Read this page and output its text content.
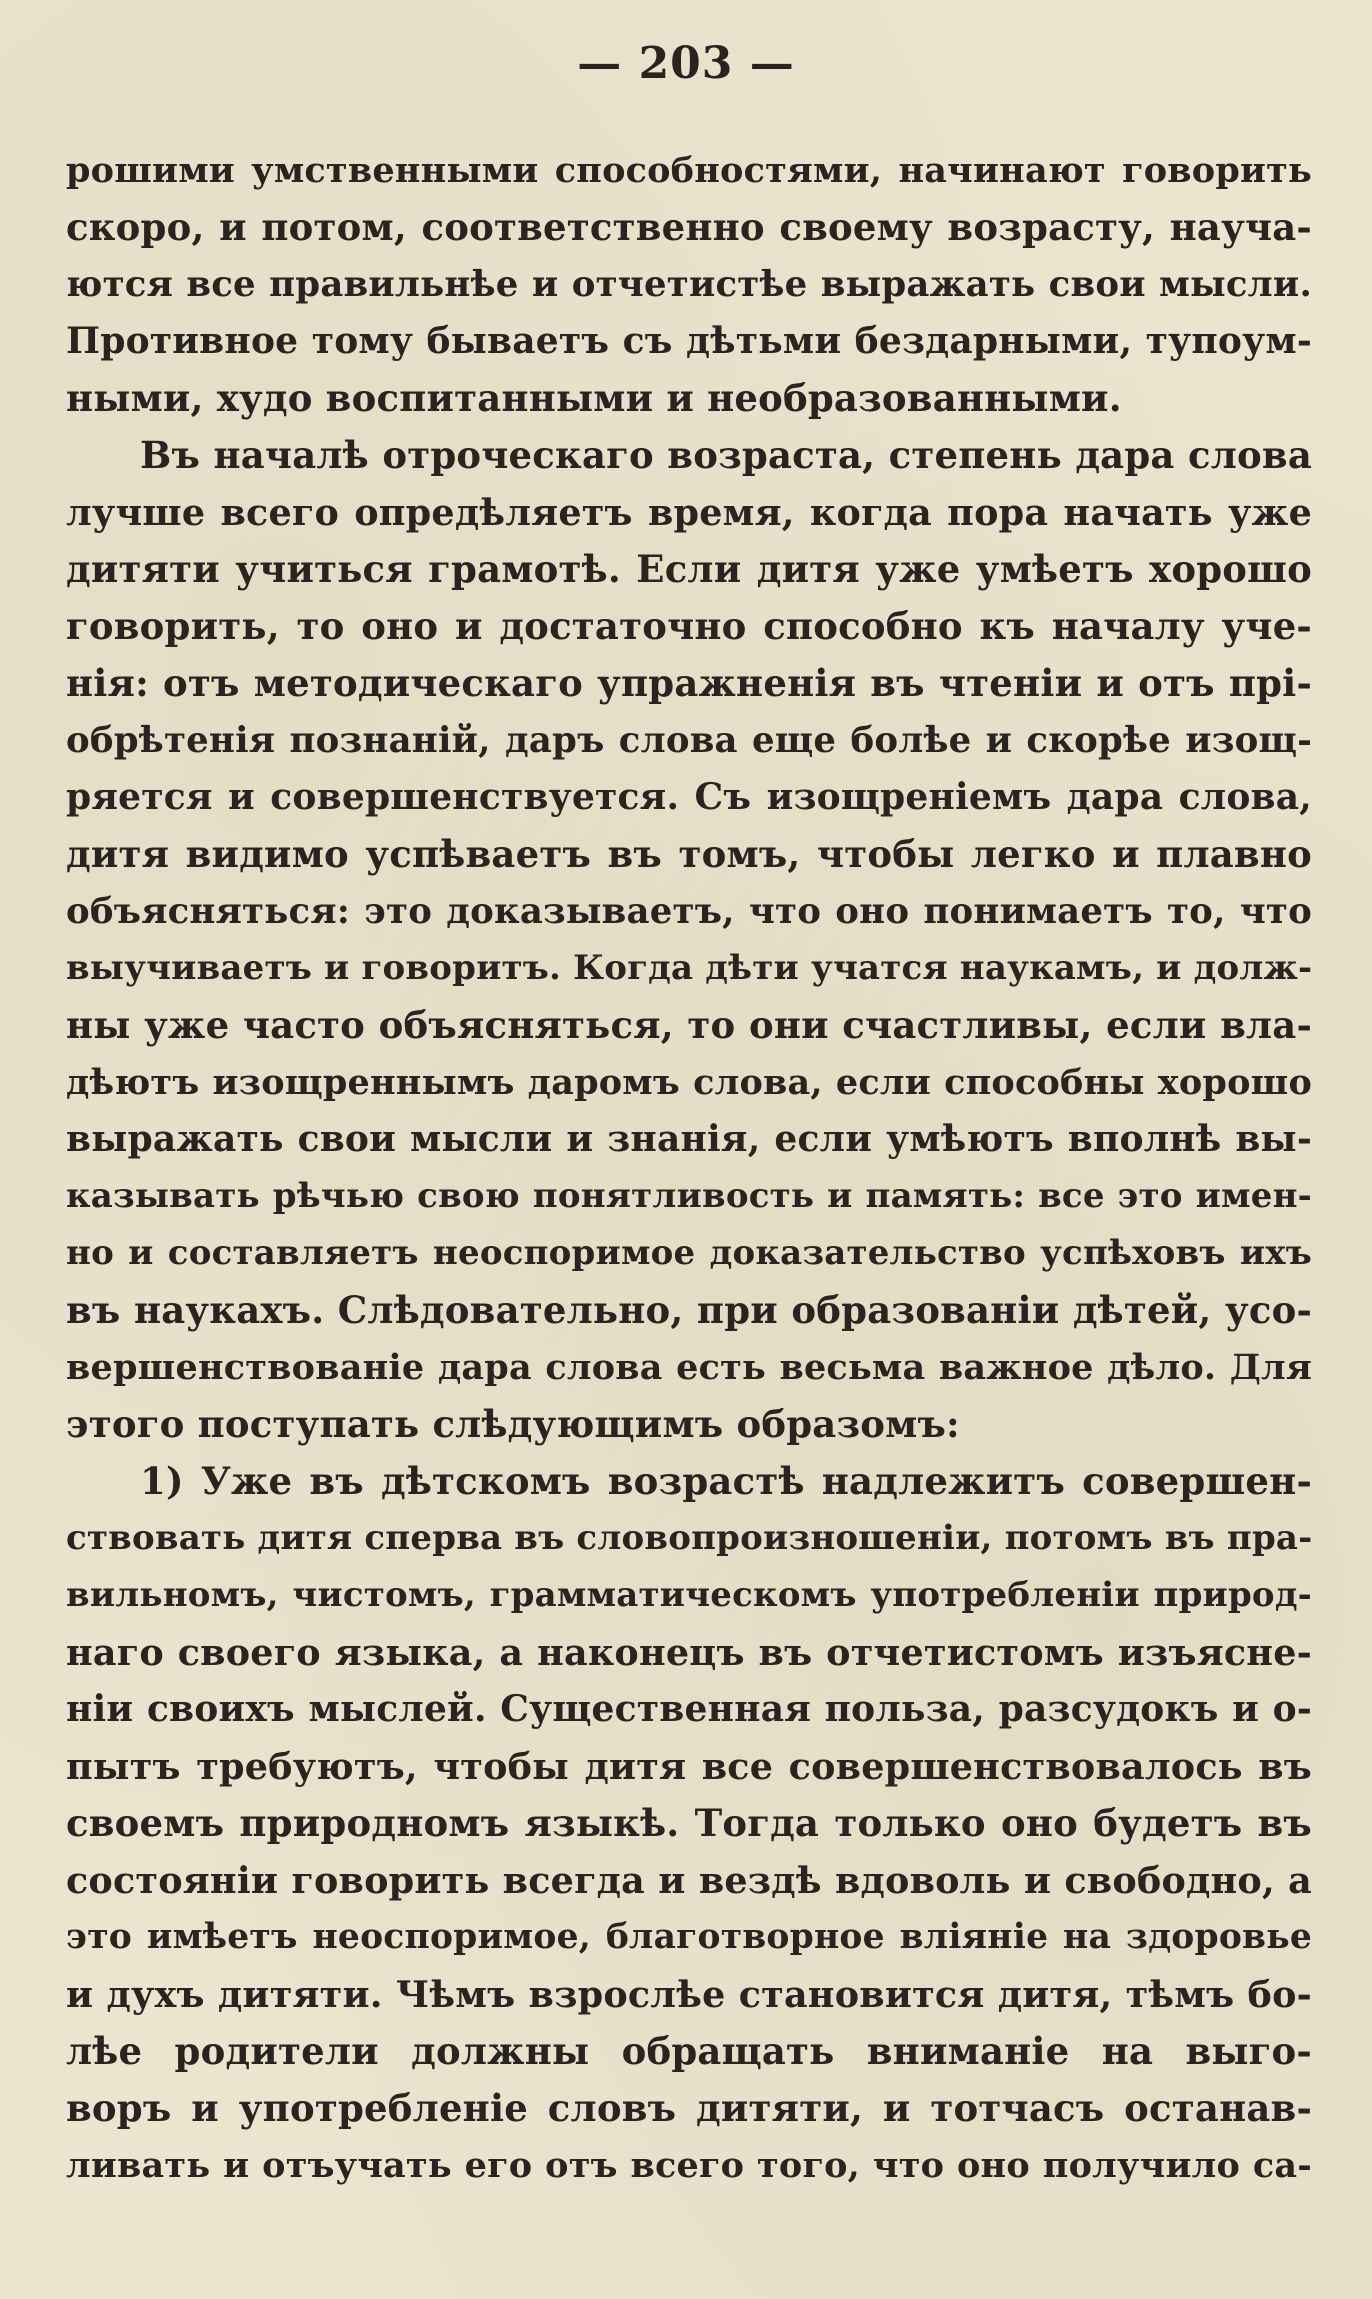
— 203 —
рошими умственными способностями, начинают говорить
скоро, и потом, соответственно своему возрасту, науча-
ются все правильнѣе и отчетистѣе выражать свои мысли.
Противное тому бываетъ съ дѣтьми бездарными, тупоум-
ными, худо воспитанными и необразованными.
Въ началѣ отроческаго возраста, степень дара слова
лучше всего опредѣляетъ время, когда пора начать уже
дитяти учиться грамотѣ. Если дитя уже умѣетъ хорошо
говорить, то оно и достаточно способно къ началу уче-
нія: отъ методическаго упражненія въ чтеніи и отъ прі-
обрѣтенія познаній, даръ слова еще болѣе и скорѣе изощ-
ряется и совершенствуется. Съ изощреніемъ дара слова,
дитя видимо успѣваетъ въ томъ, чтобы легко и плавно
объясняться: это доказываетъ, что оно понимаетъ то, что
выучиваетъ и говоритъ. Когда дѣти учатся наукамъ, и долж-
ны уже часто объясняться, то они счастливы, если вла-
дѣютъ изощреннымъ даромъ слова, если способны хорошо
выражать свои мысли и знанія, если умѣютъ вполнѣ вы-
казывать рѣчью свою понятливость и память: все это имен-
но и составляетъ неоспоримое доказательство успѣховъ ихъ
въ наукахъ. Слѣдовательно, при образованіи дѣтей, усо-
вершенствованіе дара слова есть весьма важное дѣло. Для
этого поступать слѣдующимъ образомъ:
1) Уже въ дѣтскомъ возрастѣ надлежитъ совершен-
ствовать дитя сперва въ словопроизношеніи, потомъ въ пра-
вильномъ, чистомъ, грамматическомъ употребленіи природ-
наго своего языка, а наконецъ въ отчетистомъ изъясне-
ніи своихъ мыслей. Существенная польза, разсудокъ и о-
пытъ требуютъ, чтобы дитя все совершенствовалось въ
своемъ природномъ языкѣ. Тогда только оно будетъ въ
состояніи говорить всегда и вездѣ вдоволь и свободно, а
это имѣетъ неоспоримое, благотворное вліяніе на здоровье
и духъ дитяти. Чѣмъ взрослѣе становится дитя, тѣмъ бо-
лѣе родители должны обращать вниманіе на выго-
воръ и употребленіе словъ дитяти, и тотчасъ останав-
ливать и отъучать его отъ всего того, что оно получило са-
